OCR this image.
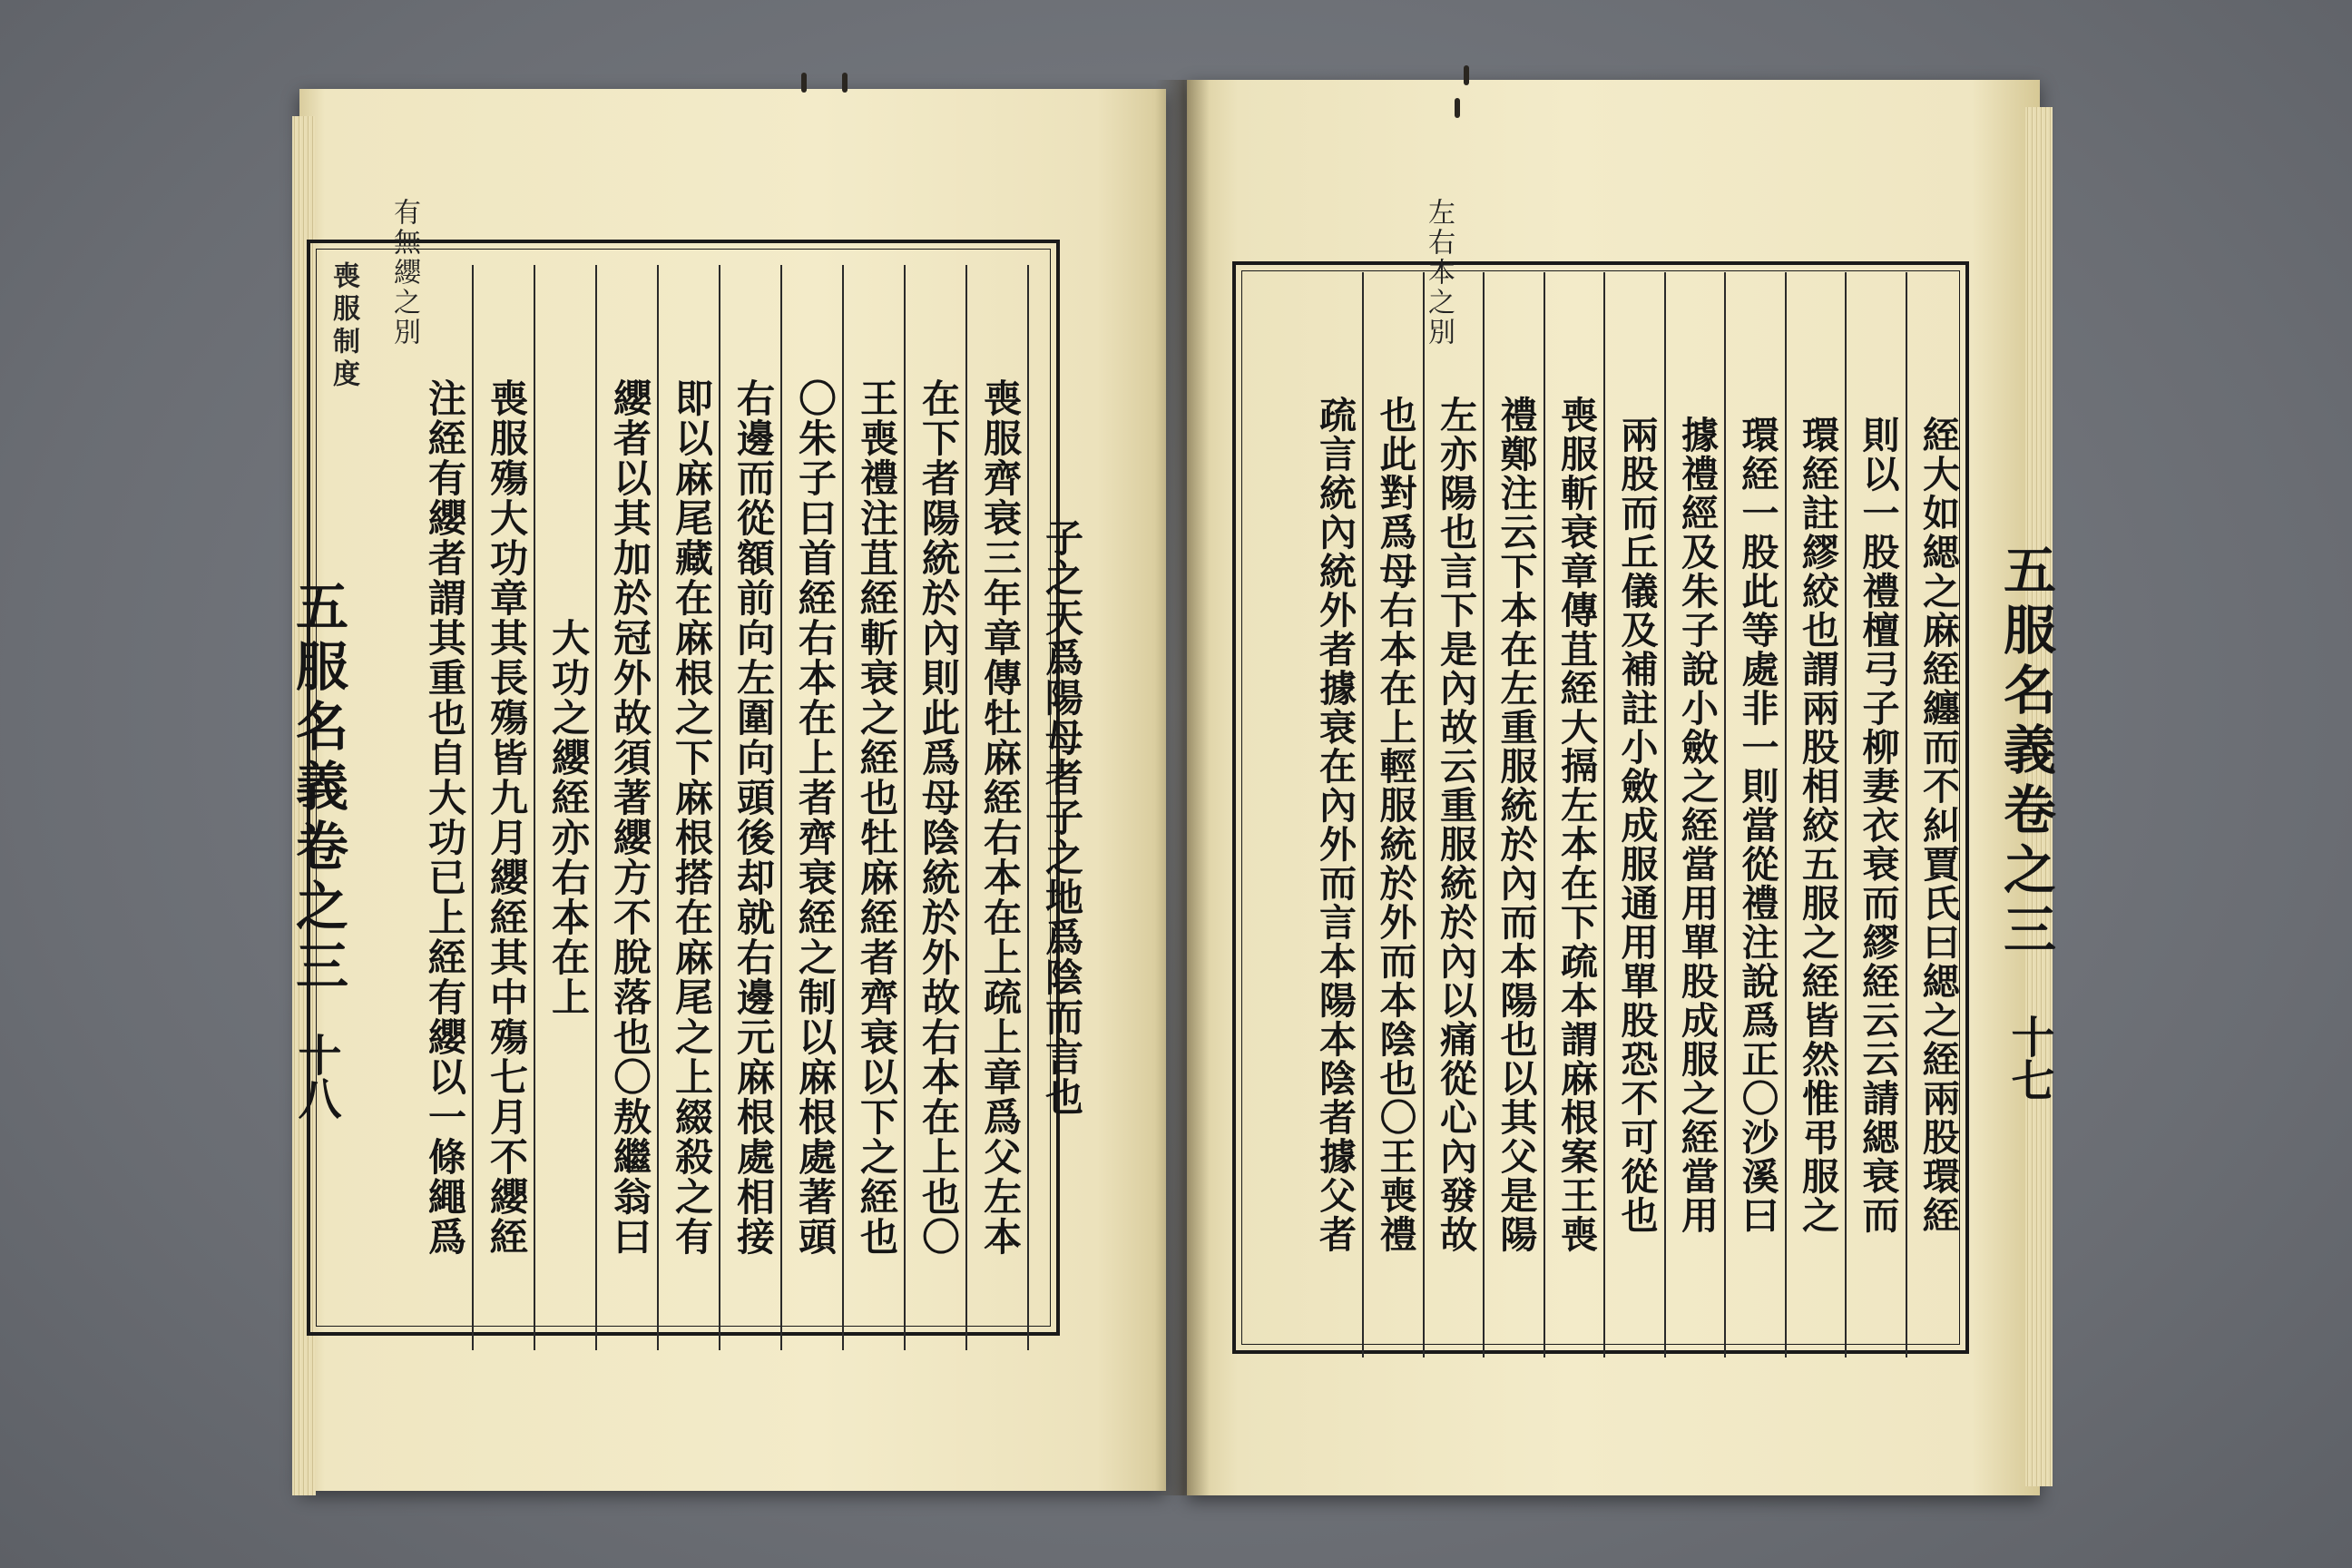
有無纓之別
喪服制度
五服名義卷之三
十八
左右本之別
五服名義卷之三
十七
子之天爲陽母者子之地爲陰而言也
喪服齊衰三年章傳牡麻絰右本在上疏上章爲父左本
在下者陽統於內則此爲母陰統於外故右本在上也〇
王喪禮注苴絰斬衰之絰也牡麻絰者齊衰以下之絰也
〇朱子曰首絰右本在上者齊衰絰之制以麻根處著頭
右邊而從額前向左圍向頭後却就右邊元麻根處相接
即以麻尾藏在麻根之下麻根搭在麻尾之上綴殺之有
纓者以其加於冠外故須著纓方不脫落也〇敖繼翁曰
大功之纓絰亦右本在上
喪服殤大功章其長殤皆九月纓絰其中殤七月不纓絰
注絰有纓者謂其重也自大功已上絰有纓以一條繩爲	絰大如緦之麻絰纏而不糾賈氏曰緦之絰兩股環絰
則以一股禮檀弓子柳妻衣衰而繆絰云云請緦衰而
環絰註繆絞也謂兩股相絞五服之絰皆然惟弔服之
環絰一股此等處非一則當從禮注說爲正〇沙溪曰
據禮經及朱子說小斂之絰當用單股成服之絰當用
兩股而丘儀及補註小斂成服通用單股恐不可從也
喪服斬衰章傳苴絰大搹左本在下疏本謂麻根案王喪
禮鄭注云下本在左重服統於內而本陽也以其父是陽
左亦陽也言下是內故云重服統於內以痛從心內發故
也此對爲母右本在上輕服統於外而本陰也〇王喪禮
疏言統內統外者據衰在內外而言本陽本陰者據父者
